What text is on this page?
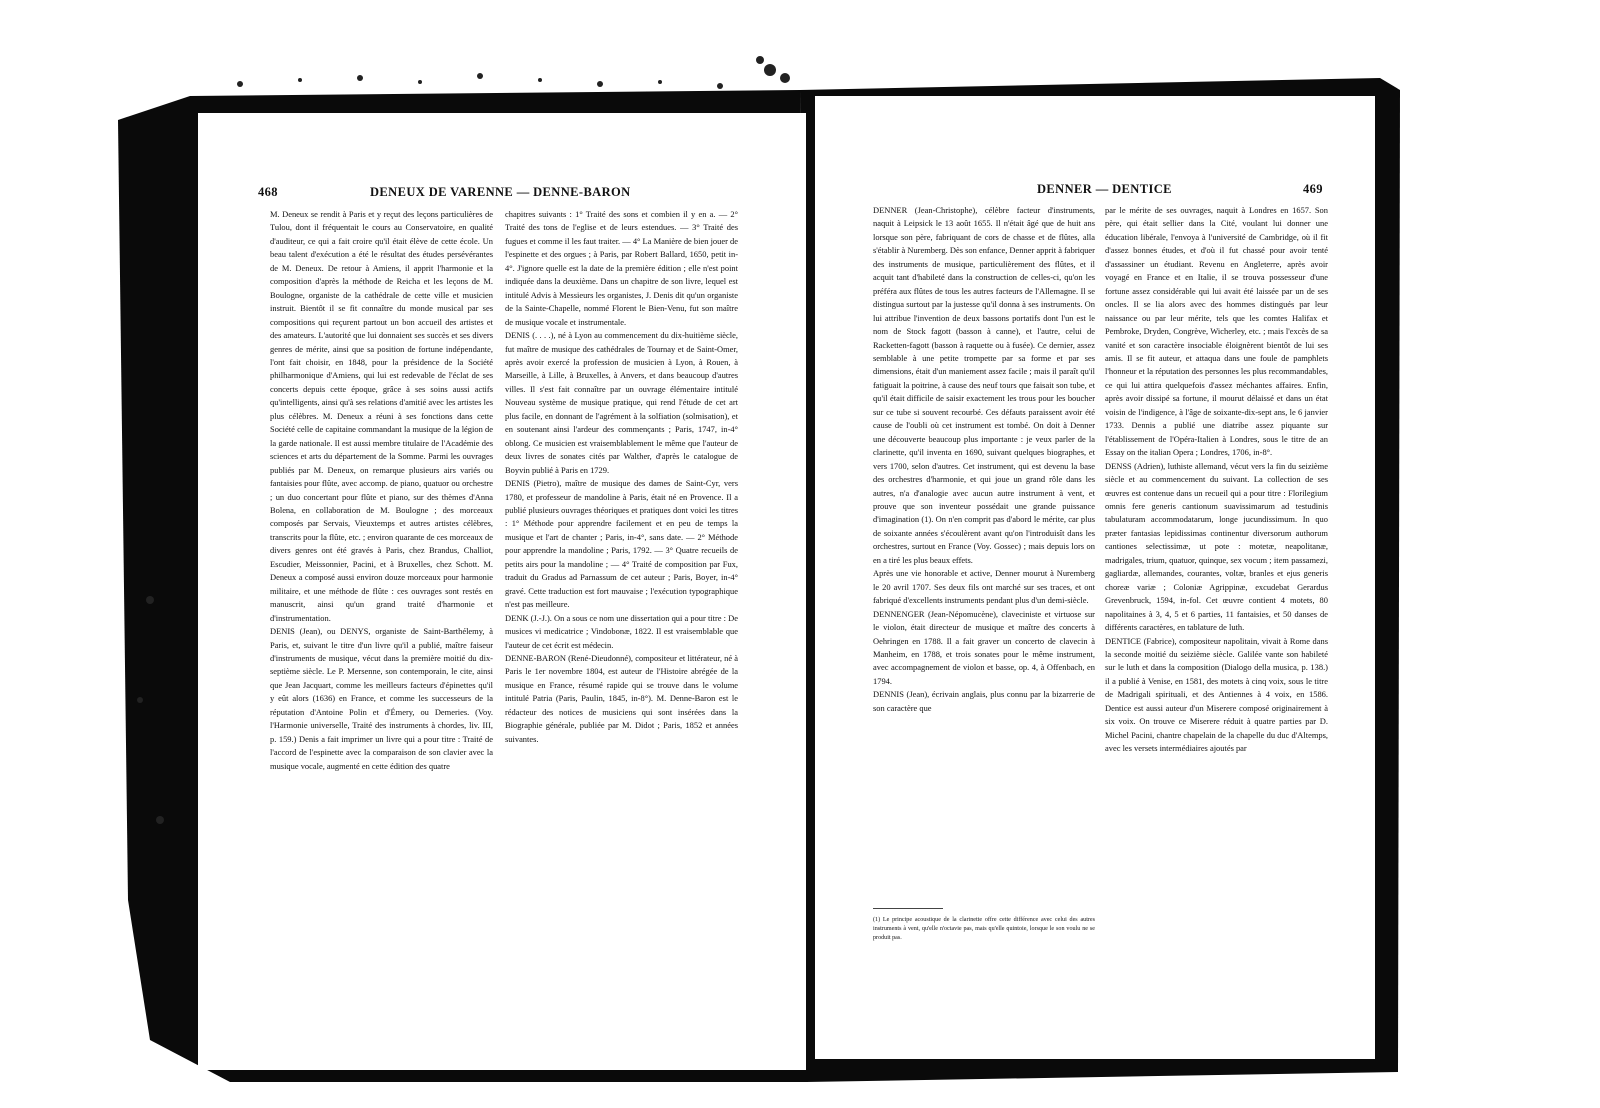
468	DENEUX DE VARENNE — DENNE-BARON

M. Deneux se rendit à Paris et y reçut des leçons particulières de Tulou, dont il fréquentait le cours au Conservatoire, en qualité d'auditeur, ce qui a fait croire qu'il était élève de cette école. Un beau talent d'exécution a été le résultat des études persévérantes de M. Deneux. De retour à Amiens, il apprit l'harmonie et la composition d'après la méthode de Reicha et les leçons de M. Boulogne, organiste de la cathédrale de cette ville et musicien instruit. Bientôt il se fit connaître du monde musical par ses compositions qui reçurent partout un bon accueil des artistes et des amateurs. L'autorité que lui donnaient ses succès et ses divers genres de mérite, ainsi que sa position de fortune indépendante, l'ont fait choisir, en 1848, pour la présidence de la Société philharmonique d'Amiens, qui lui est redevable de l'éclat de ses concerts depuis cette époque, grâce à ses soins aussi actifs qu'intelligents, ainsi qu'à ses relations d'amitié avec les artistes les plus célèbres. M. Deneux a réuni à ses fonctions dans cette Société celle de capitaine commandant la musique de la légion de la garde nationale. Il est aussi membre titulaire de l'Académie des sciences et arts du département de la Somme. Parmi les ouvrages publiés par M. Deneux, on remarque plusieurs airs variés ou fantaisies pour flûte, avec accomp. de piano, quatuor ou orchestre ; un duo concertant pour flûte et piano, sur des thèmes d'Anna Bolena, en collaboration de M. Boulogne ; des morceaux composés par Servais, Vieuxtemps et autres artistes célèbres, transcrits pour la flûte, etc. ; environ quarante de ces morceaux de divers genres ont été gravés à Paris, chez Brandus, Challiot, Escudier, Meissonnier, Pacini, et à Bruxelles, chez Schott. M. Deneux a composé aussi environ douze morceaux pour harmonie militaire, et une méthode de flûte : ces ouvrages sont restés en manuscrit, ainsi qu'un grand traité d'harmonie et d'instrumentation.

DENIS (Jean), ou DENYS, organiste de Saint-Barthélemy, à Paris, et, suivant le titre d'un livre qu'il a publié, maître faiseur d'instruments de musique, vécut dans la première moitié du dix-septième siècle. Le P. Mersenne, son contemporain, le cite, ainsi que Jean Jacquart, comme les meilleurs facteurs d'épinettes qu'il y eût alors (1636) en France, et comme les successeurs de la réputation d'Antoine Polin et d'Émery, ou Demeries. (Voy. l'Harmonie universelle, Traité des instruments à chordes, liv. III, p. 159.) Denis a fait imprimer un livre qui a pour titre : Traité de l'accord de l'espinette avec la comparaison de son clavier avec la musique vocale, augmenté en cette édition des quatre

chapitres suivants : 1° Traité des sons et combien il y en a. — 2° Traité des tons de l'eglise et de leurs estendues. — 3° Traité des fugues et comme il les faut traiter. — 4° La Manière de bien jouer de l'espinette et des orgues ; à Paris, par Robert Ballard, 1650, petit in-4°. J'ignore quelle est la date de la première édition ; elle n'est point indiquée dans la deuxième. Dans un chapitre de son livre, lequel est intitulé Advis à Messieurs les organistes, J. Denis dit qu'un organiste de la Sainte-Chapelle, nommé Florent le Bien-Venu, fut son maître de musique vocale et instrumentale.

DENIS (. . . .), né à Lyon au commencement du dix-huitième siècle, fut maître de musique des cathédrales de Tournay et de Saint-Omer, après avoir exercé la profession de musicien à Lyon, à Rouen, à Marseille, à Lille, à Bruxelles, à Anvers, et dans beaucoup d'autres villes. Il s'est fait connaître par un ouvrage élémentaire intitulé Nouveau système de musique pratique, qui rend l'étude de cet art plus facile, en donnant de l'agrément à la solfiation (solmisation), et en soutenant ainsi l'ardeur des commençants ; Paris, 1747, in-4° oblong. Ce musicien est vraisemblablement le même que l'auteur de deux livres de sonates cités par Walther, d'après le catalogue de Boyvin publié à Paris en 1729.

DENIS (Pietro), maître de musique des dames de Saint-Cyr, vers 1780, et professeur de mandoline à Paris, était né en Provence. Il a publié plusieurs ouvrages théoriques et pratiques dont voici les titres : 1° Méthode pour apprendre facilement et en peu de temps la musique et l'art de chanter ; Paris, in-4°, sans date. — 2° Méthode pour apprendre la mandoline ; Paris, 1792. — 3° Quatre recueils de petits airs pour la mandoline ; — 4° Traité de composition par Fux, traduit du Gradus ad Parnassum de cet auteur ; Paris, Boyer, in-4° gravé. Cette traduction est fort mauvaise ; l'exécution typographique n'est pas meilleure.

DENK (J.-J.). On a sous ce nom une dissertation qui a pour titre : De musices vi medicatrice ; Vindobonæ, 1822. Il est vraisemblable que l'auteur de cet écrit est médecin.

DENNE-BARON (René-Dieudonné), compositeur et littérateur, né à Paris le 1er novembre 1804, est auteur de l'Histoire abrégée de la musique en France, résumé rapide qui se trouve dans le volume intitulé Patria (Paris, Paulin, 1845, in-8°). M. Denne-Baron est le rédacteur des notices de musiciens qui sont insérées dans la Biographie générale, publiée par M. Didot ; Paris, 1852 et années suivantes.

DENNER — DENTICE	469

DENNER (Jean-Christophe), célèbre facteur d'instruments, naquit à Leipsick le 13 août 1655. Il n'était âgé que de huit ans lorsque son père, fabriquant de cors de chasse et de flûtes, alla s'établir à Nuremberg. Dès son enfance, Denner apprit à fabriquer des instruments de musique, particulièrement des flûtes, et il acquit tant d'habileté dans la construction de celles-ci, qu'on les préféra aux flûtes de tous les autres facteurs de l'Allemagne. Il se distingua surtout par la justesse qu'il donna à ses instruments. On lui attribue l'invention de deux bassons portatifs dont l'un est le nom de Stock fagott (basson à canne), et l'autre, celui de Racketten-fagott (basson à raquette ou à fusée). Ce dernier, assez semblable à une petite trompette par sa forme et par ses dimensions, était d'un maniement assez facile ; mais il paraît qu'il fatiguait la poitrine, à cause des neuf tours que faisait son tube, et qu'il était difficile de saisir exactement les trous pour les boucher sur ce tube si souvent recourbé. Ces défauts paraissent avoir été cause de l'oubli où cet instrument est tombé. On doit à Denner une découverte beaucoup plus importante : je veux parler de la clarinette, qu'il inventa en 1690, suivant quelques biographes, et vers 1700, selon d'autres. Cet instrument, qui est devenu la base des orchestres d'harmonie, et qui joue un grand rôle dans les autres, n'a d'analogie avec aucun autre instrument à vent, et prouve que son inventeur possédait une grande puissance d'imagination (1). On n'en comprit pas d'abord le mérite, car plus de soixante années s'écoulèrent avant qu'on l'introduisît dans les orchestres, surtout en France (Voy. Gossec) ; mais depuis lors on en a tiré les plus beaux effets.

Après une vie honorable et active, Denner mourut à Nuremberg le 20 avril 1707. Ses deux fils ont marché sur ses traces, et ont fabriqué d'excellents instruments pendant plus d'un demi-siècle.

DENNENGER (Jean-Népomucène), claveciniste et virtuose sur le violon, était directeur de musique et maître des concerts à Oehringen en 1788. Il a fait graver un concerto de clavecin à Manheim, en 1788, et trois sonates pour le même instrument, avec accompagnement de violon et basse, op. 4, à Offenbach, en 1794.

DENNIS (Jean), écrivain anglais, plus connu par la bizarrerie de son caractère que

(1) Le principe acoustique de la clarinette offre cette différence avec celui des autres instruments à vent, qu'elle n'octavie pas, mais qu'elle quintoie, lorsque le son voulu ne se produit pas.

par le mérite de ses ouvrages, naquit à Londres en 1657. Son père, qui était sellier dans la Cité, voulant lui donner une éducation libérale, l'envoya à l'université de Cambridge, où il fit d'assez bonnes études, et d'où il fut chassé pour avoir tenté d'assassiner un étudiant. Revenu en Angleterre, après avoir voyagé en France et en Italie, il se trouva possesseur d'une fortune assez considérable qui lui avait été laissée par un de ses oncles. Il se lia alors avec des hommes distingués par leur naissance ou par leur mérite, tels que les comtes Halifax et Pembroke, Dryden, Congrève, Wicherley, etc. ; mais l'excès de sa vanité et son caractère insociable éloignèrent bientôt de lui ses amis. Il se fit auteur, et attaqua dans une foule de pamphlets l'honneur et la réputation des personnes les plus recommandables, ce qui lui attira quelquefois d'assez méchantes affaires. Enfin, après avoir dissipé sa fortune, il mourut délaissé et dans un état voisin de l'indigence, à l'âge de soixante-dix-sept ans, le 6 janvier 1733. Dennis a publié une diatribe assez piquante sur l'établissement de l'Opéra-Italien à Londres, sous le titre de an Essay on the italian Opera ; Londres, 1706, in-8°.

DENSS (Adrien), luthiste allemand, vécut vers la fin du seizième siècle et au commencement du suivant. La collection de ses œuvres est contenue dans un recueil qui a pour titre : Florilegium omnis fere generis cantionum suavissimarum ad testudinis tabulaturam accommodatarum, longe jucundissimum. In quo præter fantasias lepidissimas continentur diversorum authorum cantiones selectissimæ, ut pote : motetæ, neapolitanæ, madrigales, trium, quatuor, quinque, sex vocum ; item passamezi, gagliardæ, allemandes, courantes, voltæ, branles et ejus generis choreæ variæ ; Coloniæ Agrippinæ, excudebat Gerardus Grevenbruck, 1594, in-fol. Cet œuvre contient 4 motets, 80 napolitaines à 3, 4, 5 et 6 parties, 11 fantaisies, et 50 danses de différents caractères, en tablature de luth.

DENTICE (Fabrice), compositeur napolitain, vivait à Rome dans la seconde moitié du seizième siècle. Galilée vante son habileté sur le luth et dans la composition (Dialogo della musica, p. 138.) il a publié à Venise, en 1581, des motets à cinq voix, sous le titre de Madrigali spirituali, et des Antiennes à 4 voix, en 1586. Dentice est aussi auteur d'un Miserere composé originairement à six voix. On trouve ce Miserere réduit à quatre parties par D. Michel Pacini, chantre chapelain de la chapelle du duc d'Altemps, avec les versets intermédiaires ajoutés par
